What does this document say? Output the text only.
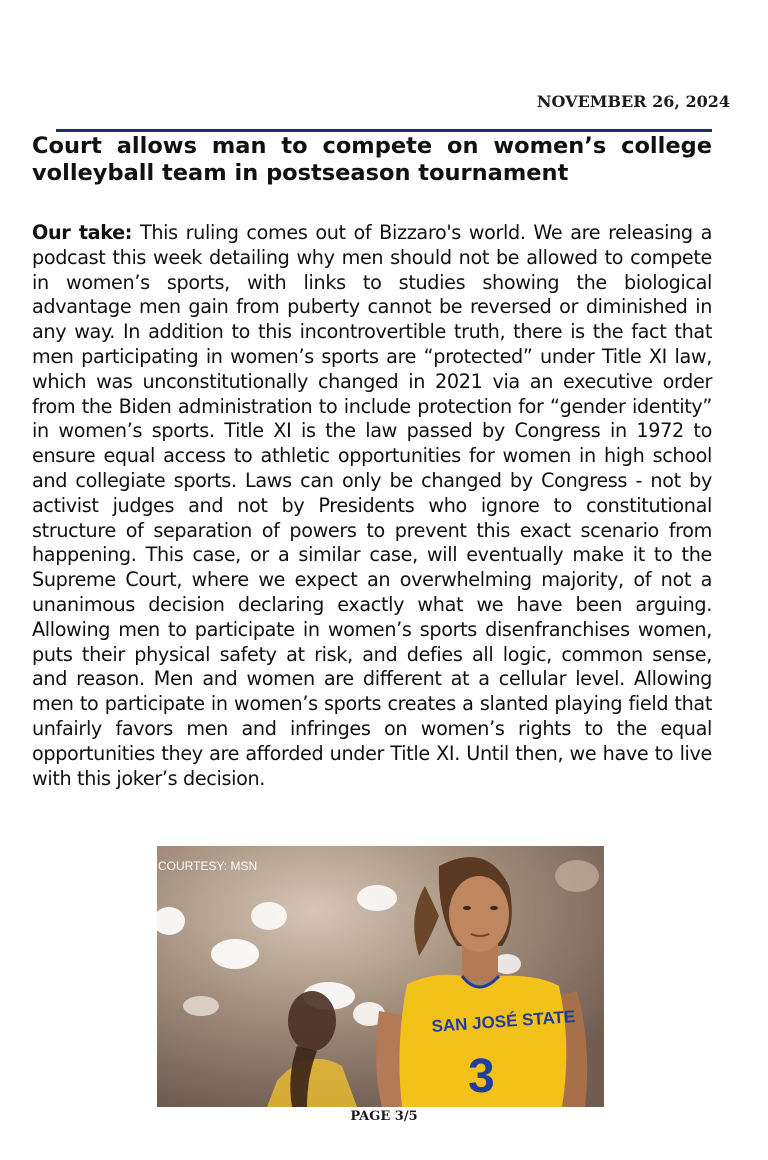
NOVEMBER 26, 2024
Court allows man to compete on women’s college volleyball team in postseason tournament

Our take: This ruling comes out of Bizzaro's world. We are releasing a podcast this week detailing why men should not be allowed to compete in women’s sports, with links to studies showing the biological advantage men gain from puberty cannot be reversed or diminished in any way. In addition to this incontrovertible truth, there is the fact that men participating in women’s sports are “protected” under Title XI law, which was unconstitutionally changed in 2021 via an executive order from the Biden administration to include protection for “gender identity” in women’s sports. Title XI is the law passed by Congress in 1972 to ensure equal access to athletic opportunities for women in high school and collegiate sports. Laws can only be changed by Congress - not by activist judges and not by Presidents who ignore to constitutional structure of separation of powers to prevent this exact scenario from happening. This case, or a similar case, will eventually make it to the Supreme Court, where we expect an overwhelming majority, of not a unanimous decision declaring exactly what we have been arguing. Allowing men to participate in women’s sports disenfranchises women, puts their physical safety at risk, and defies all logic, common sense, and reason. Men and women are different at a cellular level. Allowing men to participate in women’s sports creates a slanted playing field that unfairly favors men and infringes on women’s rights to the equal opportunities they are afforded under Title XI. Until then, we have to live with this joker’s decision.

SAN JOSÉ STATE
3
COURTESY: MSN
PAGE 3/5
